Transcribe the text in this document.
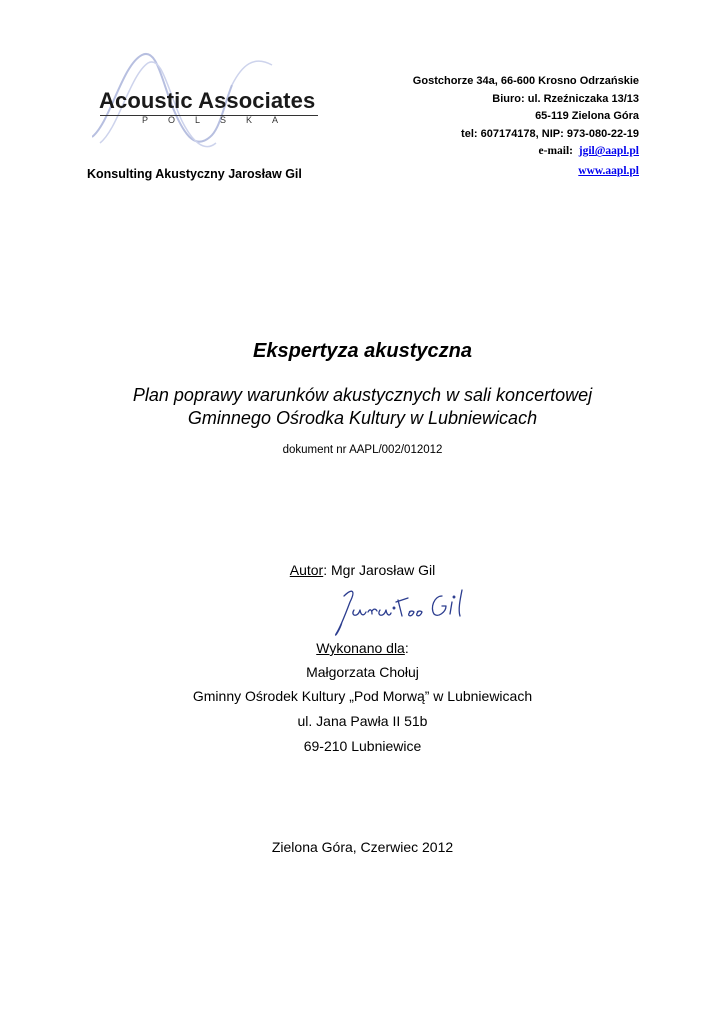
Acoustic Associates
POLSKA
Konsulting Akustyczny Jarosław Gil
Gostchorze 34a, 66-600 Krosno Odrzańskie
Biuro: ul. Rzeźniczaka 13/13
65-119 Zielona Góra
tel: 607174178, NIP: 973-080-22-19
e-mail: jgil@aapl.pl
www.aapl.pl
Ekspertyza akustyczna
Plan poprawy warunków akustycznych w sali koncertowej
Gminnego Ośrodka Kultury w Lubniewicach
dokument nr AAPL/002/012012
Autor: Mgr Jarosław Gil
Wykonano dla:
Małgorzata Chołuj
Gminny Ośrodek Kultury „Pod Morwą” w Lubniewicach
ul. Jana Pawła II 51b
69-210 Lubniewice
Zielona Góra, Czerwiec 2012
